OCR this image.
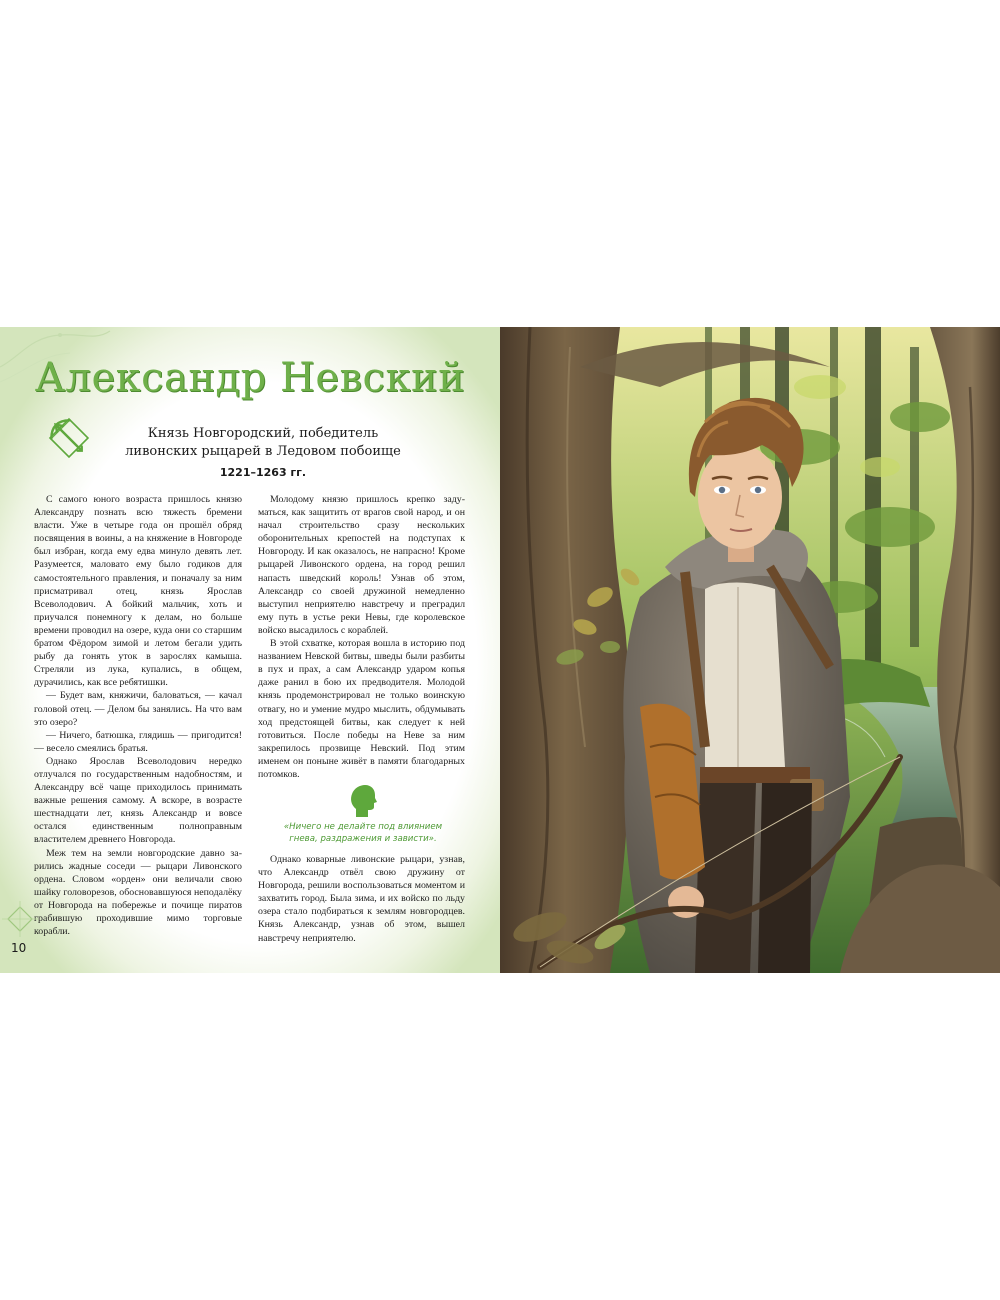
Александр Невский
Князь Новгородский, победитель
ливонских рыцарей в Ледовом побоище
1221–1263 гг.

С самого юного возраста пришлось князю Александру познать всю тяжесть бремени власти. Уже в четыре года он прошёл обряд посвящения в воины, а на княжение в Новгороде был избран, когда ему едва минуло девять лет. Разумеется, маловато ему было годиков для самостоятельного правления, и поначалу за ним присматривал отец, князь Ярослав Всеволодович. А бойкий мальчик, хоть и приучался понемногу к делам, но больше времени проводил на озере, куда они со старшим братом Фёдором зимой и летом бегали удить рыбу да гонять уток в зарослях камыша. Стреляли из лука, купались, в общем, дурачились, как все ребятишки.

— Будет вам, княжичи, баловаться, — качал головой отец. — Делом бы занялись. На что вам это озеро?

— Ничего, батюшка, глядишь — пригодится! — весело смеялись братья.

Однако Ярослав Всеволодович нередко отлучался по государственным надобностям, и Александру всё чаще приходилось принимать важные решения самому. А вскоре, в возрасте шестнадцати лет, князь Александр и вовсе остался единственным полноправным властителем древнего Новгорода.

Меж тем на земли новгородские давно зарились жадные соседи — рыцари Ливонского ордена. Словом «орден» они величали свою шайку головорезов, обосновавшуюся неподалёку от Новгорода на побережье и почище пиратов грабившую проходившие мимо торговые корабли.

Молодому князю пришлось крепко задуматься, как защитить от врагов свой народ, и он начал строительство сразу нескольких оборонительных крепостей на подступах к Новгороду. И как оказалось, не напрасно! Кроме рыцарей Ливонского ордена, на город решил напасть шведский король! Узнав об этом, Александр со своей дружиной немедленно выступил неприятелю навстречу и преградил ему путь в устье реки Невы, где королевское войско высадилось с кораблей.

В этой схватке, которая вошла в историю под названием Невской битвы, шведы были разбиты в пух и прах, а сам Александр ударом копья даже ранил в бою их предводителя. Молодой князь продемонстрировал не только воинскую отвагу, но и умение мудро мыслить, обдумывать ход предстоящей битвы, как следует к ней готовиться. После победы на Неве за ним закрепилось прозвище Невский. Под этим именем он поныне живёт в памяти благодарных потомков.

«Ничего не делайте под влиянием
гнева, раздражения и зависти».

Однако коварные ливонские рыцари, узнав, что Александр отвёл свою дружину от Новгорода, решили воспользоваться моментом и захватить город. Была зима, и их войско по льду озера стало подбираться к землям новгородцев. Князь Александр, узнав об этом, вышел навстречу неприятелю.

10
